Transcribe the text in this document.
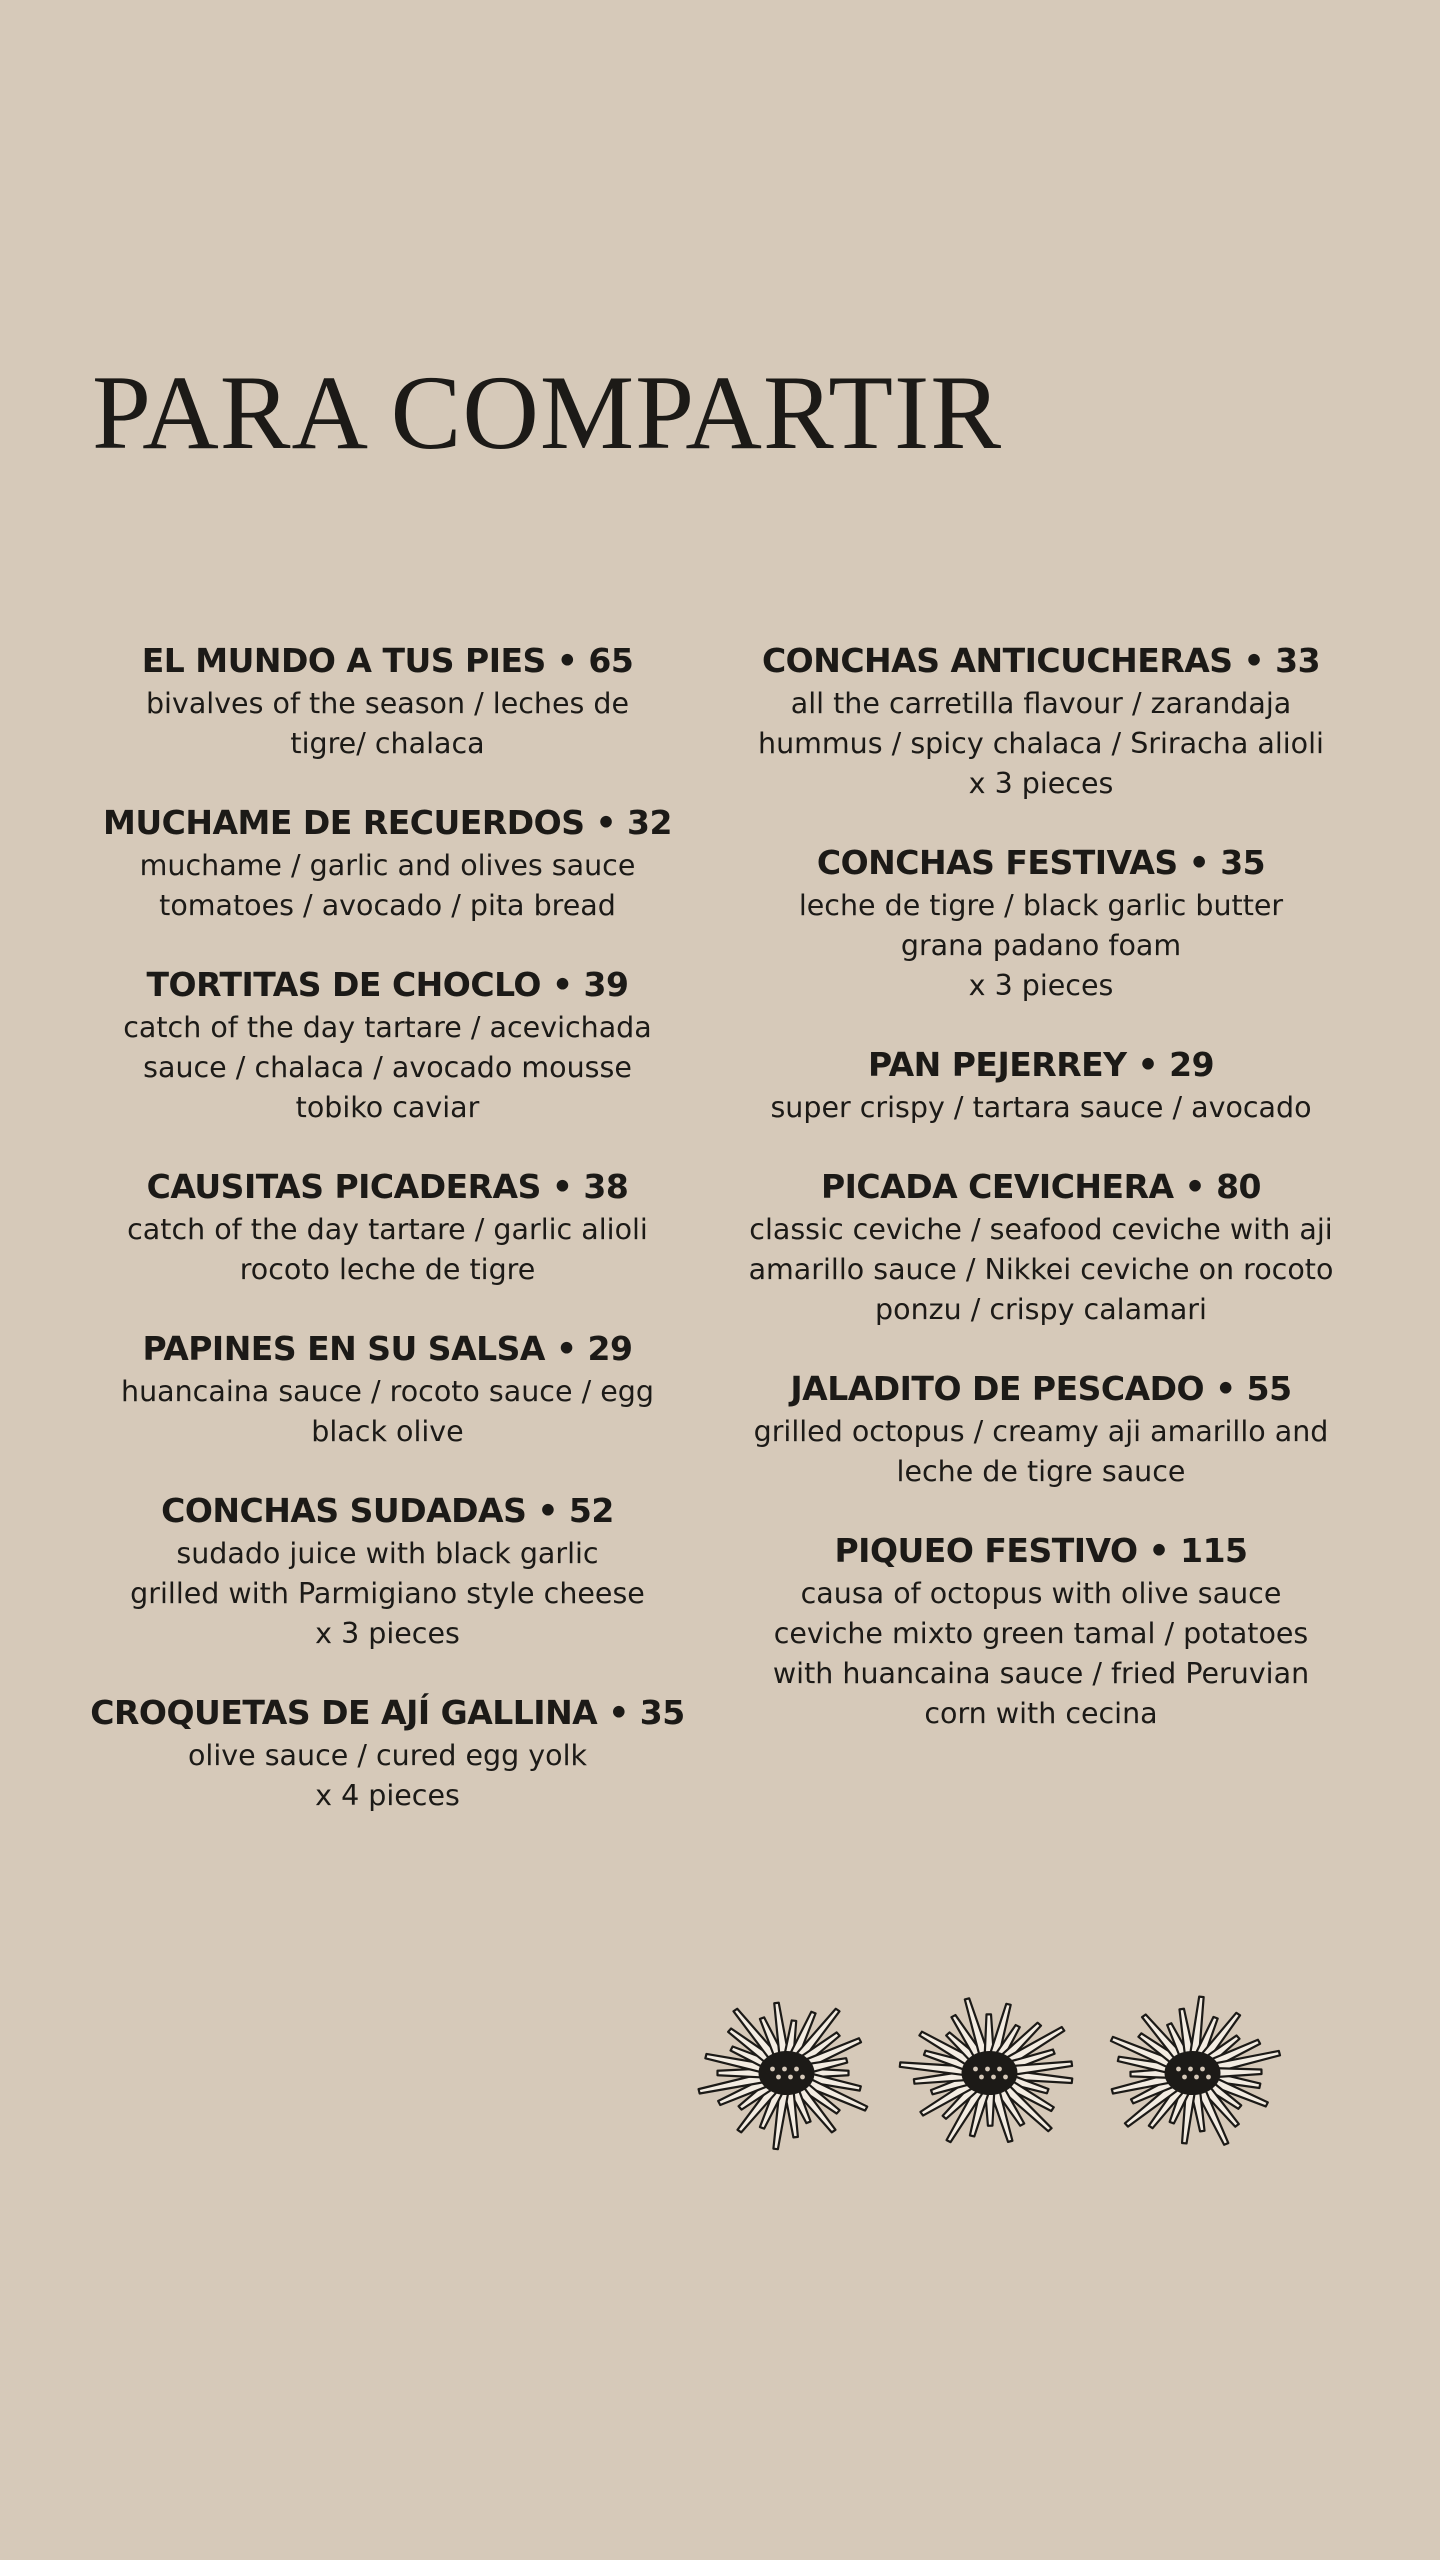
PARA COMPARTIR
EL MUNDO A TUS PIES • 65
bivalves of the season / leches de
tigre/ chalaca
MUCHAME DE RECUERDOS • 32
muchame / garlic and olives sauce
tomatoes / avocado / pita bread
TORTITAS DE CHOCLO • 39
catch of the day tartare / acevichada
sauce / chalaca / avocado mousse
tobiko caviar
CAUSITAS PICADERAS • 38
catch of the day tartare / garlic alioli
rocoto leche de tigre
PAPINES EN SU SALSA • 29
huancaina sauce / rocoto sauce / egg
black olive
CONCHAS SUDADAS • 52
sudado juice with black garlic
grilled with Parmigiano style cheese
x 3 pieces
CROQUETAS DE AJÍ GALLINA • 35
olive sauce / cured egg yolk
x 4 pieces
CONCHAS ANTICUCHERAS • 33
all the carretilla flavour / zarandaja
hummus / spicy chalaca / Sriracha alioli
x 3 pieces
CONCHAS FESTIVAS • 35
leche de tigre / black garlic butter
grana padano foam
x 3 pieces
PAN PEJERREY • 29
super crispy / tartara sauce / avocado
PICADA CEVICHERA • 80
classic ceviche / seafood ceviche with aji
amarillo sauce / Nikkei ceviche on rocoto
ponzu / crispy calamari
JALADITO DE PESCADO • 55
grilled octopus / creamy aji amarillo and
leche de tigre sauce
PIQUEO FESTIVO • 115
causa of octopus with olive sauce
ceviche mixto green tamal / potatoes
with huancaina sauce / fried Peruvian
corn with cecina
